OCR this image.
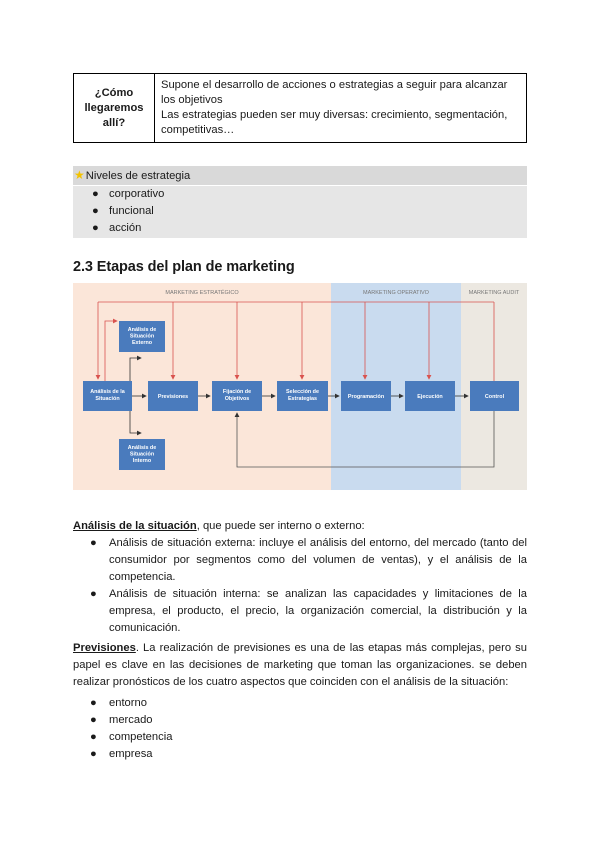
¿Cómo llegaremos allí?	
Supone el desarrollo de acciones o estrategias a seguir para alcanzar los objetivos
Las estrategias pueden ser muy diversas: crecimiento, segmentación, competitivas…
★Niveles de estrategia
● corporativo
● funcional
● acción
2.3 Etapas del plan de marketing
MARKETING ESTRATÉGICO	MARKETING OPERATIVO	MARKETING AUDIT
Análisis de Situación Externo
Análisis de la Situación
Análisis de Situación Interno
Previsiones
Fijación de Objetivos
Selección de Estrategias	Programación	Ejecución	Control
Análisis de la situación, que puede ser interno o externo:
● Análisis de situación externa: incluye el análisis del entorno, del mercado (tanto del consumidor por segmentos como del volumen de ventas), y el análisis de la competencia.
● Análisis de situación interna: se analizan las capacidades y limitaciones de la empresa, el producto, el precio, la organización comercial, la distribución y la comunicación.
Previsiones. La realización de previsiones es una de las etapas más complejas, pero su papel es clave en las decisiones de marketing que toman las organizaciones. se deben realizar pronósticos de los cuatro aspectos que coinciden con el análisis de la situación:
● entorno
● mercado
● competencia
● empresa
